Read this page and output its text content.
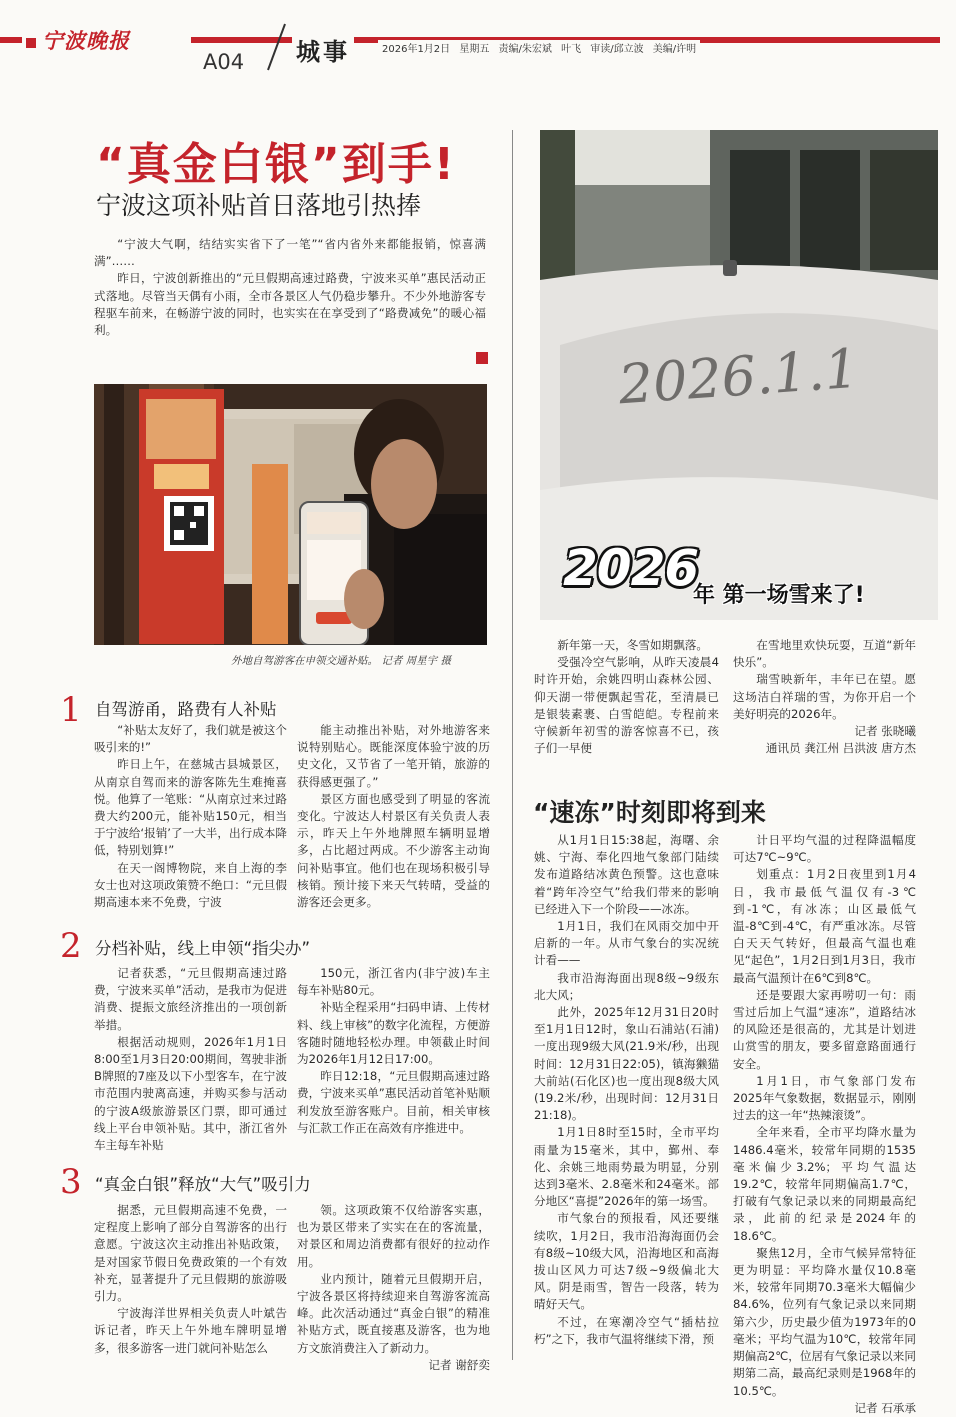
宁波晚报
A04 城事	2026年1月2日 星期五 责编/朱宏斌 叶飞 审读/邱立波 美编/许明
“真金白银”到手!
宁波这项补贴首日落地引热捧

“宁波大气啊，结结实实省下了一笔”“省内省外来都能报销，惊喜满满”……

昨日，宁波创新推出的“元旦假期高速过路费，宁波来买单”惠民活动正式落地。尽管当天偶有小雨，全市各景区人气仍稳步攀升。不少外地游客专程驱车前来，在畅游宁波的同时，也实实在在享受到了“路费减免”的暖心福利。

外地自驾游客在申领交通补贴。 记者 周星宇 摄
1 自驾游甬，路费有人补贴

“补贴太友好了，我们就是被这个吸引来的!”

昨日上午，在慈城古县城景区，从南京自驾而来的游客陈先生难掩喜悦。他算了一笔账：“从南京过来过路费大约200元，能补贴150元，相当于宁波给‘报销’了一大半，出行成本降低，特别划算!”

在天一阁博物院，来自上海的李女士也对这项政策赞不绝口：“元旦假期高速本来不免费，宁波

能主动推出补贴，对外地游客来说特别贴心。既能深度体验宁波的历史文化，又节省了一笔开销，旅游的获得感更强了。”

景区方面也感受到了明显的客流变化。宁波达人村景区有关负责人表示，昨天上午外地牌照车辆明显增多，占比超过两成。不少游客主动询问补贴事宜。他们也在现场积极引导核销。预计接下来天气转晴，受益的游客还会更多。

2 分档补贴，线上申领“指尖办”

记者获悉，“元旦假期高速过路费，宁波来买单”活动，是我市为促进消费、提振文旅经济推出的一项创新举措。

根据活动规则，2026年1月1日8:00至1月3日20:00期间，驾驶非浙B牌照的7座及以下小型客车，在宁波市范围内驶离高速，并购买参与活动的宁波A级旅游景区门票，即可通过线上平台申领补贴。其中，浙江省外车主每车补贴

150元，浙江省内(非宁波)车主每车补贴80元。

补贴全程采用“扫码申请、上传材料、线上审核”的数字化流程，方便游客随时随地轻松办理。申领截止时间为2026年1月12日17:00。

昨日12:18，“元旦假期高速过路费，宁波来买单”惠民活动首笔补贴顺利发放至游客账户。目前，相关审核与汇款工作正在高效有序推进中。

3 “真金白银”释放“大气”吸引力

据悉，元旦假期高速不免费，一定程度上影响了部分自驾游客的出行意愿。宁波这次主动推出补贴政策，是对国家节假日免费政策的一个有效补充，显著提升了元旦假期的旅游吸引力。

宁波海洋世界相关负责人叶斌告诉记者，昨天上午外地车牌明显增多，很多游客一进门就问补贴怎么

领。这项政策不仅给游客实惠，也为景区带来了实实在在的客流量，对景区和周边消费都有很好的拉动作用。

业内预计，随着元旦假期开启，宁波各景区将持续迎来自驾游客流高峰。此次活动通过“真金白银”的精准补贴方式，既直接惠及游客，也为地方文旅消费注入了新动力。

记者 谢舒奕
2026.1.1
2026
年 第一场雪来了!

新年第一天，冬雪如期飘落。

受强冷空气影响，从昨天凌晨4时许开始，余姚四明山森林公园、仰天湖一带便飘起雪花，至清晨已是银装素裹、白雪皑皑。专程前来守候新年初雪的游客惊喜不已，孩子们一早便

在雪地里欢快玩耍，互道“新年快乐”。

瑞雪映新年，丰年已在望。愿这场洁白祥瑞的雪，为你开启一个美好明亮的2026年。

记者 张晓曦
通讯员 龚江州 吕洪波 唐方杰
“速冻”时刻即将到来

从1月1日15:38起，海曙、余姚、宁海、奉化四地气象部门陆续发布道路结冰黄色预警。这也意味着“跨年冷空气”给我们带来的影响已经进入下一个阶段——冰冻。

1月1日，我们在风雨交加中开启新的一年。从市气象台的实况统计看——

我市沿海海面出现8级~9级东北大风；

此外，2025年12月31日20时至1月1日12时，象山石浦站(石浦)一度出现9级大风(21.9米/秒，出现时间：12月31日22:05)，镇海獭猫大前站(石化区)也一度出现8级大风(19.2米/秒，出现时间：12月31日21:18)。

1月1日8时至15时，全市平均雨量为15毫米，其中，鄞州、奉化、余姚三地雨势最为明显，分别达到3毫米、2.8毫米和24毫米。部分地区“喜提”2026年的第一场雪。

市气象台的预报看，风还要继续吹，1月2日，我市沿海海面仍会有8级~10级大风，沿海地区和高海拔山区风力可达7级~9级偏北大风。阴是雨雪，智告一段落，转为晴好天气。

不过，在寒潮冷空气“插枯拉朽”之下，我市气温将继续下滑，预

计日平均气温的过程降温幅度可达7℃~9℃。

划重点：1月2日夜里到1月4日，我市最低气温仅有-3℃到-1℃，有冰冻；山区最低气温-8℃到-4℃，有严重冰冻。尽管白天天气转好，但最高气温也难见“起色”，1月2日到1月3日，我市最高气温预计在6℃到8℃。

还是要跟大家再唠叨一句：雨雪过后加上气温“速冻”，道路结冰的风险还是很高的，尤其是计划进山赏雪的朋友，要多留意路面通行安全。

1月1日，市气象部门发布2025年气象数据，数据显示，刚刚过去的这一年“热辣滚烫”。

全年来看，全市平均降水量为1486.4毫米，较常年同期的1535毫米偏少3.2%；平均气温达19.2℃，较常年同期偏高1.7℃，打破有气象记录以来的同期最高纪录，此前的纪录是2024年的18.6℃。

聚焦12月，全市气候异常特征更为明显：平均降水量仅10.8毫米，较常年同期70.3毫米大幅偏少84.6%，位列有气象记录以来同期第六少，历史最少值为1973年的0毫米；平均气温为10℃，较常年同期偏高2℃，位居有气象记录以来同期第二高，最高纪录则是1968年的10.5℃。

记者 石承承
